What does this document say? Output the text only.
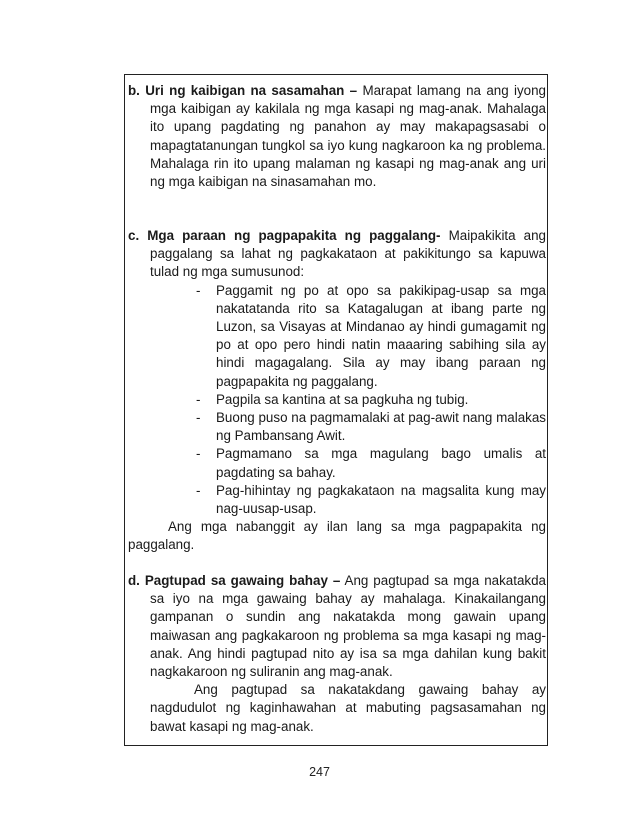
b. Uri ng kaibigan na sasamahan – Marapat lamang na ang iyong mga kaibigan ay kakilala ng mga kasapi ng mag-anak. Mahalaga ito upang pagdating ng panahon ay may makapagsasabi o mapagtatanungan tungkol sa iyo kung nagkaroon ka ng problema. Mahalaga rin ito upang malaman ng kasapi ng mag-anak ang uri ng mga kaibigan na sinasamahan mo.

c. Mga paraan ng pagpapakita ng paggalang- Maipakikita ang paggalang sa lahat ng pagkakataon at pakikitungo sa kapuwa tulad ng mga sumusunod:

- Paggamit ng po at opo sa pakikipag-usap sa mga nakatatanda rito sa Katagalugan at ibang parte ng Luzon, sa Visayas at Mindanao ay hindi gumagamit ng po at opo pero hindi natin maaaring sabihing sila ay hindi magagalang. Sila ay may ibang paraan ng pagpapakita ng paggalang.
- Pagpila sa kantina at sa pagkuha ng tubig.
- Buong puso na pagmamalaki at pag-awit nang malakas ng Pambansang Awit.
- Pagmamano sa mga magulang bago umalis at pagdating sa bahay.
- Pag-hihintay ng pagkakataon na magsalita kung may nag-uusap-usap.

Ang mga nabanggit ay ilan lang sa mga pagpapakita ng paggalang.

d. Pagtupad sa gawaing bahay – Ang pagtupad sa mga nakatakda sa iyo na mga gawaing bahay ay mahalaga. Kinakailangang gampanan o sundin ang nakatakda mong gawain upang maiwasan ang pagkakaroon ng problema sa mga kasapi ng mag-anak. Ang hindi pagtupad nito ay isa sa mga dahilan kung bakit nagkakaroon ng suliranin ang mag-anak.

Ang pagtupad sa nakatakdang gawaing bahay ay nagdudulot ng kaginhawahan at mabuting pagsasamahan ng bawat kasapi ng mag-anak.

247
